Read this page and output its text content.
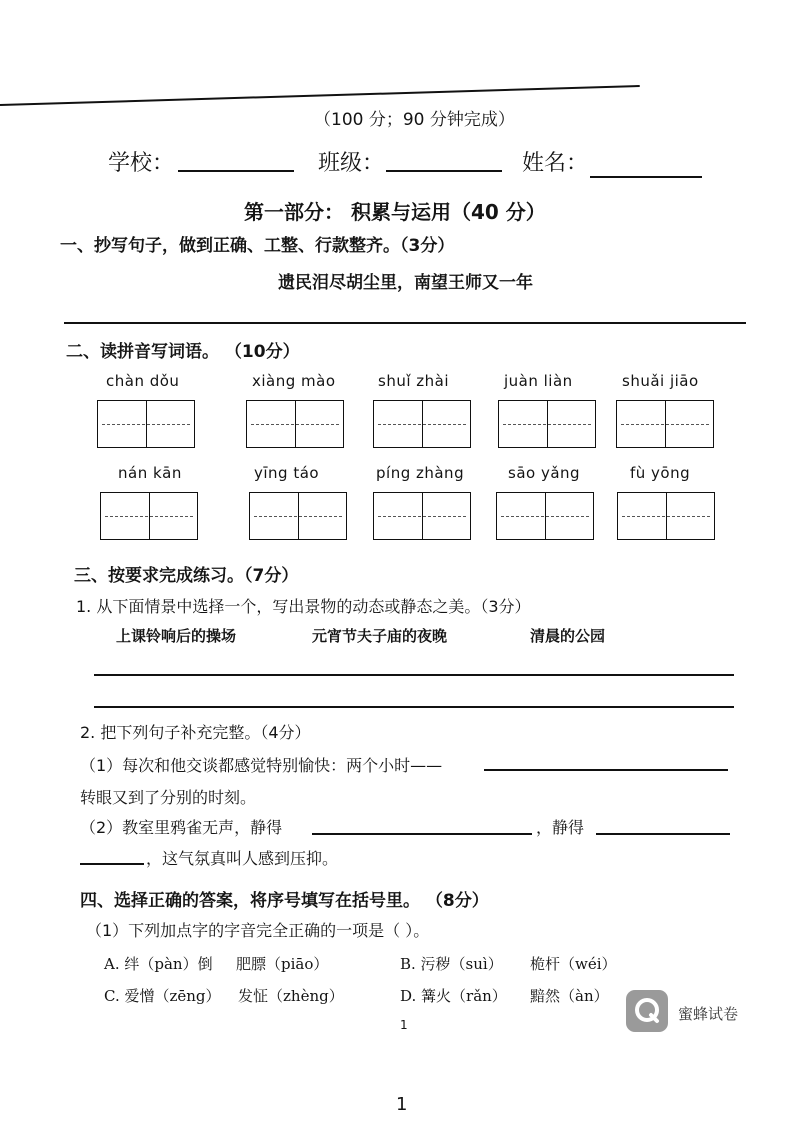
（100 分；90 分钟完成）
学校：	班级：	姓名：
第一部分： 积累与运用（40 分）
一、抄写句子，做到正确、工整、行款整齐。（3分）
遗民泪尽胡尘里，南望王师又一年
二、读拼音写词语。 （10分）
chàn dǒu	xiàng mào	shuǐ zhài	juàn liàn	shuǎi jiāo
nán kān	yīng táo	píng zhàng	sāo yǎng	fù yōng
三、按要求完成练习。（7分）
1. 从下面情景中选择一个，写出景物的动态或静态之美。（3分）
上课铃响后的操场	元宵节夫子庙的夜晚	清晨的公园
2. 把下列句子补充完整。（4分）
（1）每次和他交谈都感觉特别愉快：两个小时——
转眼又到了分别的时刻。
（2）教室里鸦雀无声，静得	，静得
，这气氛真叫人感到压抑。
四、选择正确的答案，将序号填写在括号里。 （8分）
（1）下列加点字的字音完全正确的一项是（ ）。
A. 绊（pàn）倒 肥膘（piāo）	B. 污秽（suì） 桅杆（wéi）
C. 爱憎（zēng） 发怔（zhèng）	D. 篝火（rǎn） 黯然（àn）
蜜蜂试卷
1
1
